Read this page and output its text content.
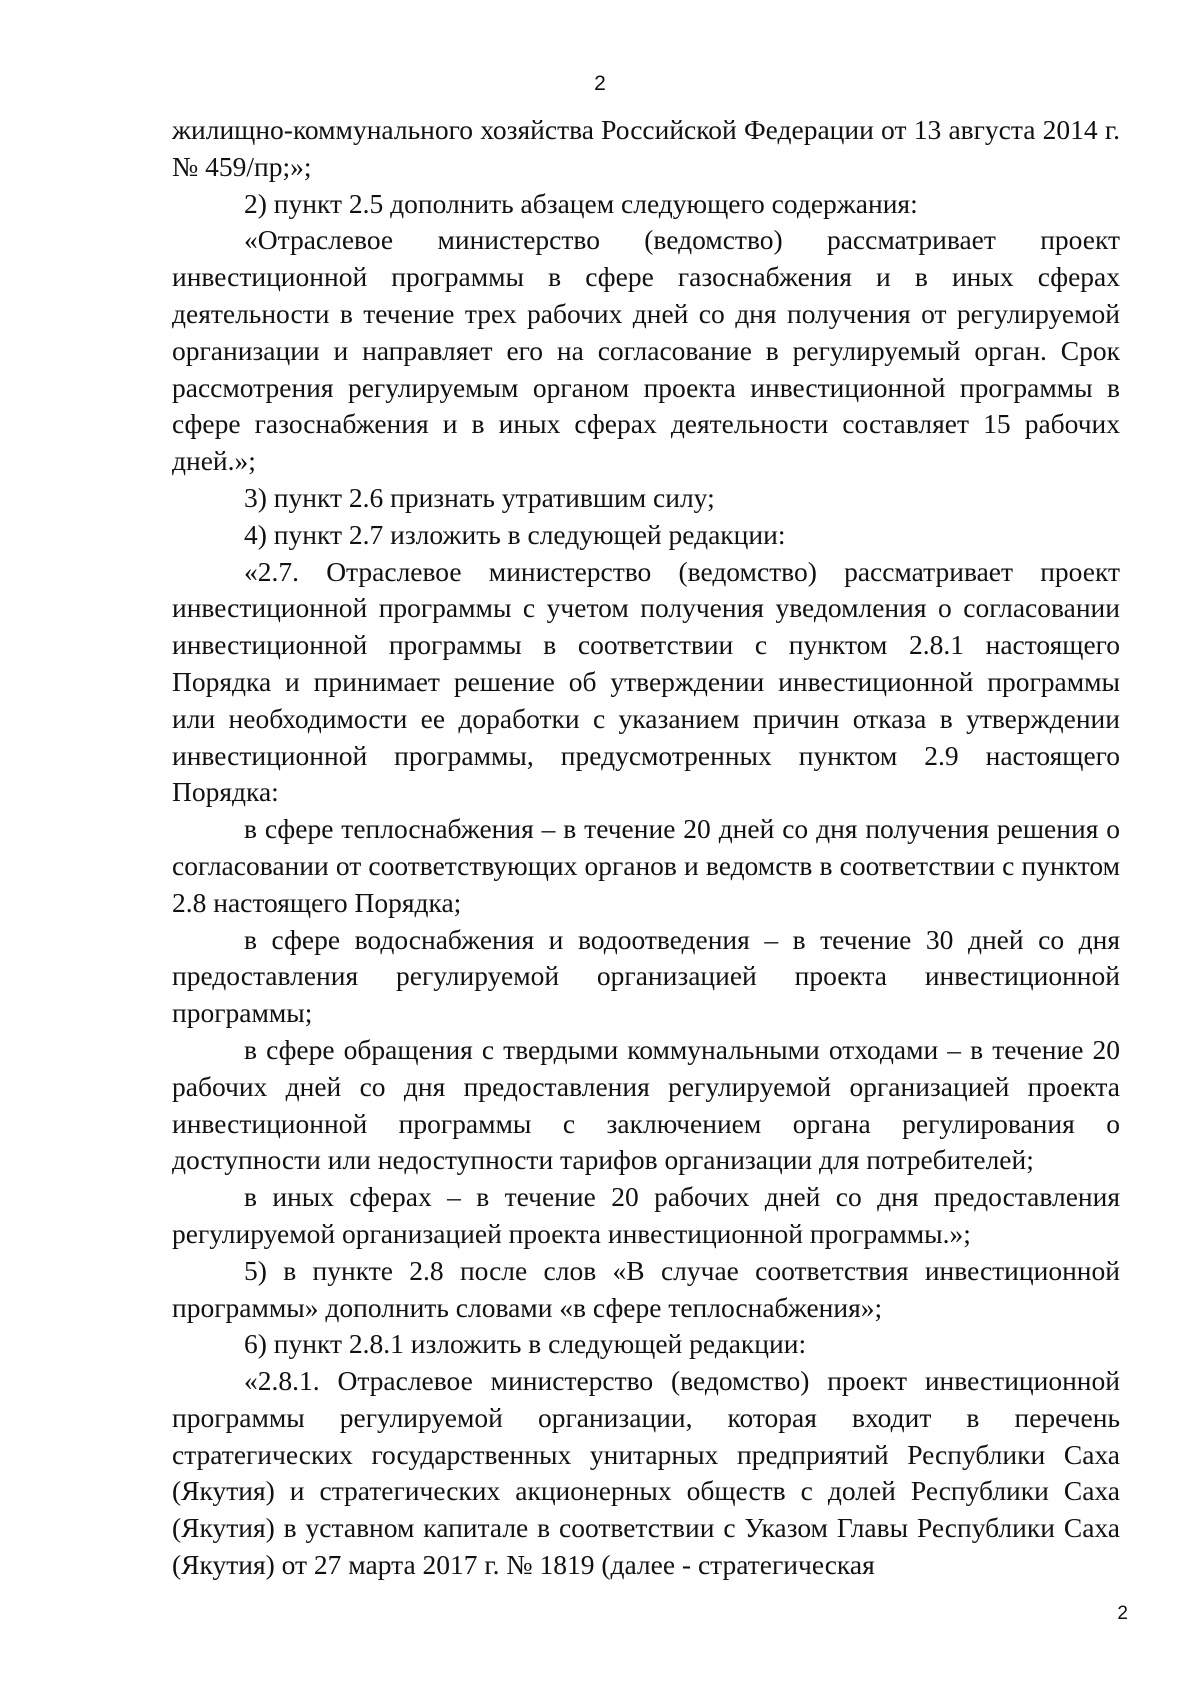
2

жилищно-коммунального хозяйства Российской Федерации от 13 августа 2014 г. № 459/пр;»;

2) пункт 2.5 дополнить абзацем следующего содержания:

«Отраслевое министерство (ведомство) рассматривает проект инвестиционной программы в сфере газоснабжения и в иных сферах деятельности в течение трех рабочих дней со дня получения от регулируемой организации и направляет его на согласование в регулируемый орган. Срок рассмотрения регулируемым органом проекта инвестиционной программы в сфере газоснабжения и в иных сферах деятельности составляет 15 рабочих дней.»;

3) пункт 2.6 признать утратившим силу;

4) пункт 2.7 изложить в следующей редакции:

«2.7. Отраслевое министерство (ведомство) рассматривает проект инвестиционной программы с учетом получения уведомления о согласовании инвестиционной программы в соответствии с пунктом 2.8.1 настоящего Порядка и принимает решение об утверждении инвестиционной программы или необходимости ее доработки с указанием причин отказа в утверждении инвестиционной программы, предусмотренных пунктом 2.9 настоящего Порядка:

в сфере теплоснабжения – в течение 20 дней со дня получения решения о согласовании от соответствующих органов и ведомств в соответствии с пунктом 2.8 настоящего Порядка;

в сфере водоснабжения и водоотведения – в течение 30 дней со дня предоставления регулируемой организацией проекта инвестиционной программы;

в сфере обращения с твердыми коммунальными отходами – в течение 20 рабочих дней со дня предоставления регулируемой организацией проекта инвестиционной программы с заключением органа регулирования о доступности или недоступности тарифов организации для потребителей;

в иных сферах – в течение 20 рабочих дней со дня предоставления регулируемой организацией проекта инвестиционной программы.»;

5) в пункте 2.8 после слов «В случае соответствия инвестиционной программы» дополнить словами «в сфере теплоснабжения»;

6) пункт 2.8.1 изложить в следующей редакции:

«2.8.1. Отраслевое министерство (ведомство) проект инвестиционной программы регулируемой организации, которая входит в перечень стратегических государственных унитарных предприятий Республики Саха (Якутия) и стратегических акционерных обществ с долей Республики Саха (Якутия) в уставном капитале в соответствии с Указом Главы Республики Саха (Якутия) от 27 марта 2017 г. № 1819 (далее - стратегическая

2
